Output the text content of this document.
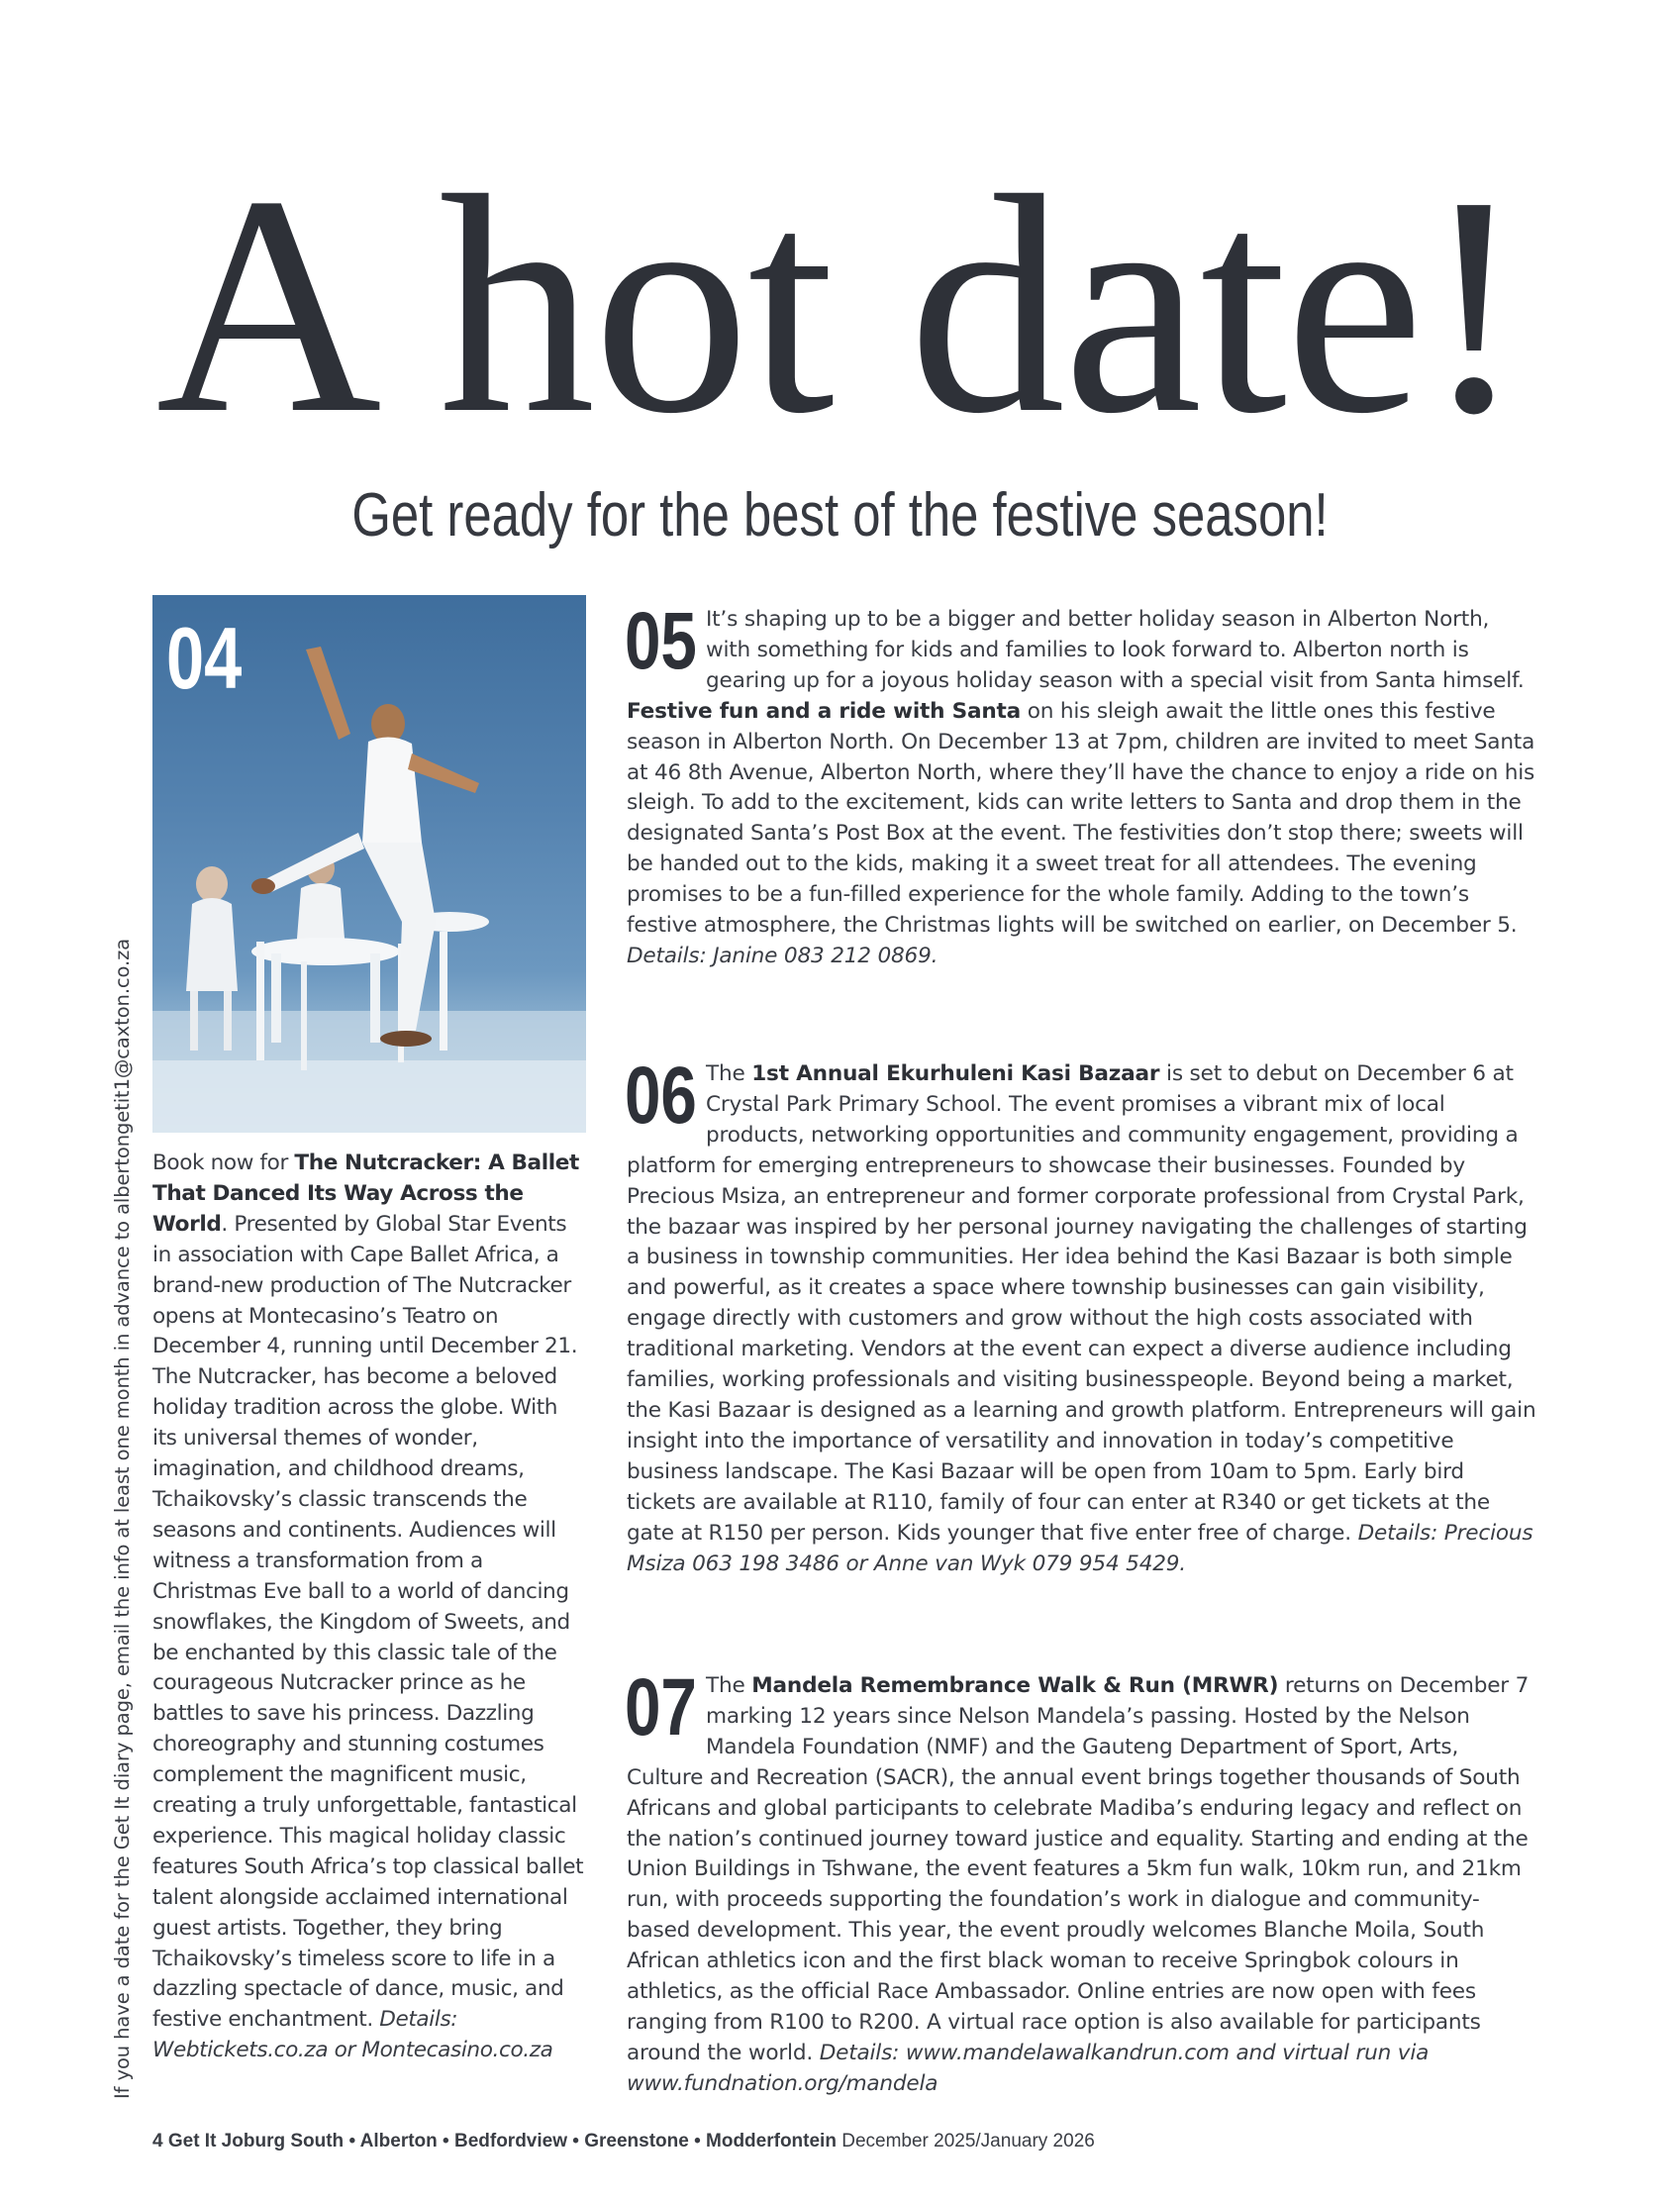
A hot date!
Get ready for the best of the festive season!
04
Book now for The Nutcracker: A Ballet That Danced Its Way Across the World. Presented by Global Star Events in association with Cape Ballet Africa, a brand-new production of The Nutcracker opens at Montecasino’s Teatro on December 4, running until December 21. The Nutcracker, has become a beloved holiday tradition across the globe. With its universal themes of wonder, imagination, and childhood dreams, Tchaikovsky’s classic transcends the seasons and continents. Audiences will witness a transformation from a Christmas Eve ball to a world of dancing snowflakes, the Kingdom of Sweets, and be enchanted by this classic tale of the courageous Nutcracker prince as he battles to save his princess. Dazzling choreography and stunning costumes complement the magnificent music, creating a truly unforgettable, fantastical experience. This magical holiday classic features South Africa’s top classical ballet talent alongside acclaimed international guest artists. Together, they bring Tchaikovsky’s timeless score to life in a dazzling spectacle of dance, music, and festive enchantment. Details: Webtickets.co.za or Montecasino.co.za
05 It’s shaping up to be a bigger and better holiday season in Alberton North, with something for kids and families to look forward to. Alberton north is gearing up for a joyous holiday season with a special visit from Santa himself. Festive fun and a ride with Santa on his sleigh await the little ones this festive season in Alberton North. On December 13 at 7pm, children are invited to meet Santa at 46 8th Avenue, Alberton North, where they’ll have the chance to enjoy a ride on his sleigh. To add to the excitement, kids can write letters to Santa and drop them in the designated Santa’s Post Box at the event. The festivities don’t stop there; sweets will be handed out to the kids, making it a sweet treat for all attendees. The evening promises to be a fun-filled experience for the whole family. Adding to the town’s festive atmosphere, the Christmas lights will be switched on earlier, on December 5. Details: Janine 083 212 0869.
06 The 1st Annual Ekurhuleni Kasi Bazaar is set to debut on December 6 at Crystal Park Primary School. The event promises a vibrant mix of local products, networking opportunities and community engagement, providing a platform for emerging entrepreneurs to showcase their businesses. Founded by Precious Msiza, an entrepreneur and former corporate professional from Crystal Park, the bazaar was inspired by her personal journey navigating the challenges of starting a business in township communities. Her idea behind the Kasi Bazaar is both simple and powerful, as it creates a space where township businesses can gain visibility, engage directly with customers and grow without the high costs associated with traditional marketing. Vendors at the event can expect a diverse audience including families, working professionals and visiting businesspeople. Beyond being a market, the Kasi Bazaar is designed as a learning and growth platform. Entrepreneurs will gain insight into the importance of versatility and innovation in today’s competitive business landscape. The Kasi Bazaar will be open from 10am to 5pm. Early bird tickets are available at R110, family of four can enter at R340 or get tickets at the gate at R150 per person. Kids younger that five enter free of charge. Details: Precious Msiza 063 198 3486 or Anne van Wyk 079 954 5429.
07 The Mandela Remembrance Walk & Run (MRWR) returns on December 7 marking 12 years since Nelson Mandela’s passing. Hosted by the Nelson Mandela Foundation (NMF) and the Gauteng Department of Sport, Arts, Culture and Recreation (SACR), the annual event brings together thousands of South Africans and global participants to celebrate Madiba’s enduring legacy and reflect on the nation’s continued journey toward justice and equality. Starting and ending at the Union Buildings in Tshwane, the event features a 5km fun walk, 10km run, and 21km run, with proceeds supporting the foundation’s work in dialogue and community-based development. This year, the event proudly welcomes Blanche Moila, South African athletics icon and the first black woman to receive Springbok colours in athletics, as the official Race Ambassador. Online entries are now open with fees ranging from R100 to R200. A virtual race option is also available for participants around the world. Details: www.mandelawalkandrun.com and virtual run via www.fundnation.org/mandela
If you have a date for the Get It diary page, email the info at least one month in advance to albertongetit1@caxton.co.za
4 Get It Joburg South • Alberton • Bedfordview • Greenstone • Modderfontein December 2025/January 2026
